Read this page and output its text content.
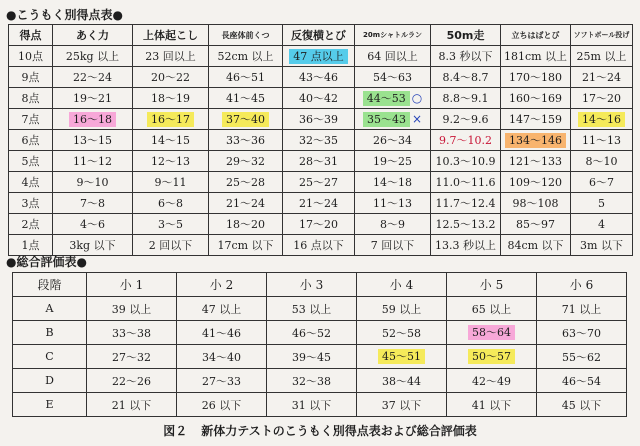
●こうもく別得点表●
得点	あく力	上体起こし	長座体前くつ	反復横とび	20mシャトルラン	50m走	立ちはばとび	ソフトボール投げ
10点	25kg 以上	23 回以上	52cm 以上	47 点以上	64 回以上	8.3 秒以下	181cm 以上	25m 以上
9点	22～24	20～22	46～51	43～46	54～63	8.4～8.7	170～180	21～24
8点	19～21	18～19	41～45	40～42	44～53 ○	8.8～9.1	160～169	17～20
7点	16～18	16～17	37～40	36～39	35～43 ×	9.2～9.6	147～159	14～16
6点	13～15	14～15	33～36	32～35	26～34	9.7～10.2	134～146	11～13
5点	11～12	12～13	29～32	28～31	19～25	10.3～10.9	121～133	8～10
4点	9～10	9～11	25～28	25～27	14～18	11.0～11.6	109～120	6～7
3点	7～8	6～8	21～24	21～24	11～13	11.7～12.4	98～108	5
2点	4～6	3～5	18～20	17～20	8～9	12.5～13.2	85～97	4
1点	3kg 以下	2 回以下	17cm 以下	16 点以下	7 回以下	13.3 秒以上	84cm 以下	3m 以下
●総合評価表●
段階	小 1	小 2	小 3	小 4	小 5	小 6
A	39 以上	47 以上	53 以上	59 以上	65 以上	71 以上
B	33～38	41～46	46～52	52～58	58～64	63～70
C	27～32	34～40	39～45	45～51	50～57	55～62
D	22～26	27～33	32～38	38～44	42～49	46～54
E	21 以下	26 以下	31 以下	37 以下	41 以下	45 以下
図２ 新体力テストのこうもく別得点表および総合評価表
